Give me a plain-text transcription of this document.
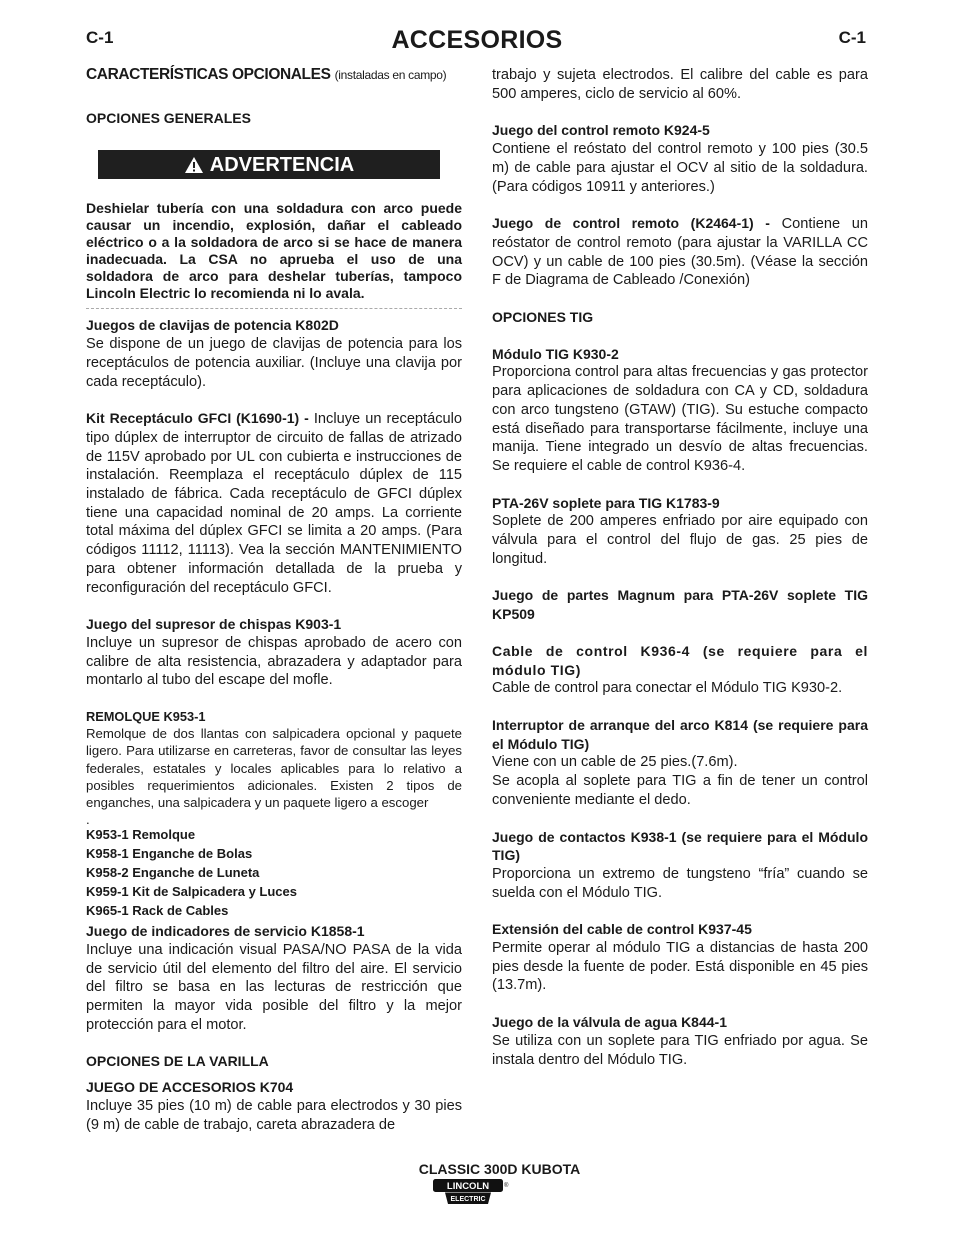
C-1	ACCESORIOS	C-1
CARACTERÍSTICAS OPCIONALES (instaladas en campo)
OPCIONES GENERALES
ADVERTENCIA

Deshielar tubería con una soldadura con arco puede causar un incendio, explosión, dañar el cableado eléctrico o a la soldadora de arco si se hace de manera inadecuada. La CSA no aprueba el uso de una soldadora de arco para deshelar tuberías, tampoco Lincoln Electric lo recomienda ni lo avala.

Juegos de clavijas de potencia K802D
Se dispone de un juego de clavijas de potencia para los receptáculos de potencia auxiliar. (Incluye una clavija por cada receptáculo).

Kit Receptáculo GFCI (K1690-1) - Incluye un receptáculo tipo dúplex de interruptor de circuito de fallas de atrizado de 115V aprobado por UL con cubierta e instrucciones de instalación. Reemplaza el receptáculo dúplex de 115 instalado de fábrica. Cada receptáculo de GFCI dúplex tiene una capacidad nominal de 20 amps. La corriente total máxima del dúplex GFCI se limita a 20 amps. (Para códigos 11112, 11113). Vea la sección MANTENIMIENTO para obtener información detallada de la prueba y reconfiguración del receptáculo GFCI.

Juego del supresor de chispas K903-1
Incluye un supresor de chispas aprobado de acero con calibre de alta resistencia, abrazadera y adaptador para montarlo al tubo del escape del mofle.

REMOLQUE K953-1
Remolque de dos llantas con salpicadera opcional y paquete ligero. Para utilizarse en carreteras, favor de consultar las leyes federales, estatales y locales aplicables para lo relativo a posibles requerimientos adicionales. Existen 2 tipos de enganches, una salpicadera y un paquete ligero a escoger

.
K953-1 Remolque
K958-1 Enganche de Bolas
K958-2 Enganche de Luneta
K959-1 Kit de Salpicadera y Luces
K965-1 Rack de Cables

Juego de indicadores de servicio K1858-1
Incluye una indicación visual PASA/NO PASA de la vida de servicio útil del elemento del filtro del aire. El servicio del filtro se basa en las lecturas de restricción que permiten la mayor vida posible del filtro y la mejor protección para el motor.

OPCIONES DE LA VARILLA

JUEGO DE ACCESORIOS K704
Incluye 35 pies (10 m) de cable para electrodos y 30 pies (9 m) de cable de trabajo, careta abrazadera de

trabajo y sujeta electrodos. El calibre del cable es para 500 amperes, ciclo de servicio al 60%.

Juego del control remoto K924-5
Contiene el reóstato del control remoto y 100 pies (30.5 m) de cable para ajustar el OCV al sitio de la soldadura. (Para códigos 10911 y anteriores.)

Juego de control remoto (K2464-1) - Contiene un reóstator de control remoto (para ajustar la VARILLA CC OCV) y un cable de 100 pies (30.5m). (Véase la sección F de Diagrama de Cableado /Conexión)

OPCIONES TIG

Módulo TIG K930-2
Proporciona control para altas frecuencias y gas protector para aplicaciones de soldadura con CA y CD, soldadura con arco tungsteno (GTAW) (TIG). Su estuche compacto está diseñado para transportarse fácilmente, incluye una manija. Tiene integrado un desvío de altas frecuencias. Se requiere el cable de control K936-4.

PTA-26V soplete para TIG K1783-9
Soplete de 200 amperes enfriado por aire equipado con válvula para el control del flujo de gas. 25 pies de longitud.

Juego de partes Magnum para PTA-26V soplete TIG KP509

Cable de control K936-4 (se requiere para el módulo TIG)
Cable de control para conectar el Módulo TIG K930-2.

Interruptor de arranque del arco K814 (se requiere para el Módulo TIG)
Viene con un cable de 25 pies.(7.6m).
Se acopla al soplete para TIG a fin de tener un control conveniente mediante el dedo.

Juego de contactos K938-1 (se requiere para el Módulo TIG)
Proporciona un extremo de tungsteno “fría” cuando se suelda con el Módulo TIG.

Extensión del cable de control K937-45
Permite operar al módulo TIG a distancias de hasta 200 pies desde la fuente de poder. Está disponible en 45 pies (13.7m).

Juego de la válvula de agua K844-1
Se utiliza con un soplete para TIG enfriado por agua. Se instala dentro del Módulo TIG.

CLASSIC 300D KUBOTA
LINCOLN
ELECTRIC
®
